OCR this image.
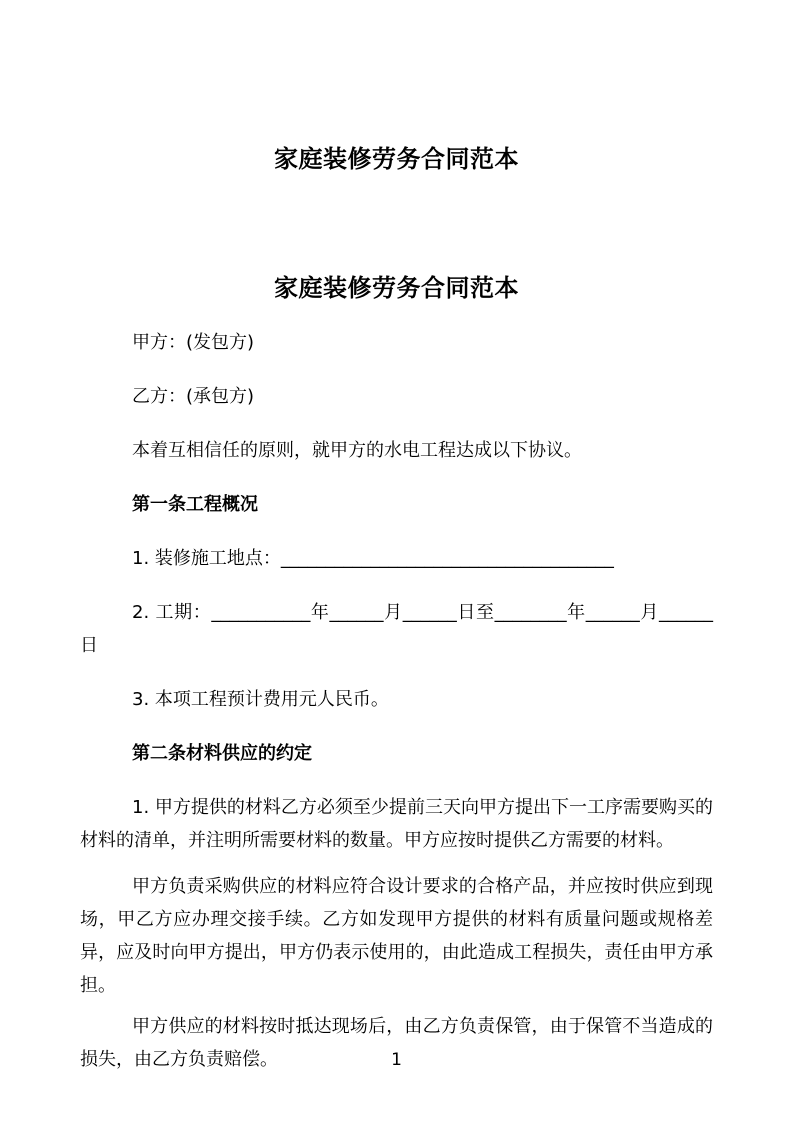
家庭装修劳务合同范本
家庭装修劳务合同范本

甲方：(发包方)

乙方：(承包方)

本着互相信任的原则，就甲方的水电工程达成以下协议。

第一条工程概况

1. 装修施工地点：_____________________________________

2. 工期：___________年______月______日至________年______月______日

3. 本项工程预计费用元人民币。

第二条材料供应的约定

1. 甲方提供的材料乙方必须至少提前三天向甲方提出下一工序需要购买的材料的清单，并注明所需要材料的数量。甲方应按时提供乙方需要的材料。

甲方负责采购供应的材料应符合设计要求的合格产品，并应按时供应到现场，甲乙方应办理交接手续。乙方如发现甲方提供的材料有质量问题或规格差异，应及时向甲方提出，甲方仍表示使用的，由此造成工程损失，责任由甲方承担。

甲方供应的材料按时抵达现场后，由乙方负责保管，由于保管不当造成的损失，由乙方负责赔偿。	1
